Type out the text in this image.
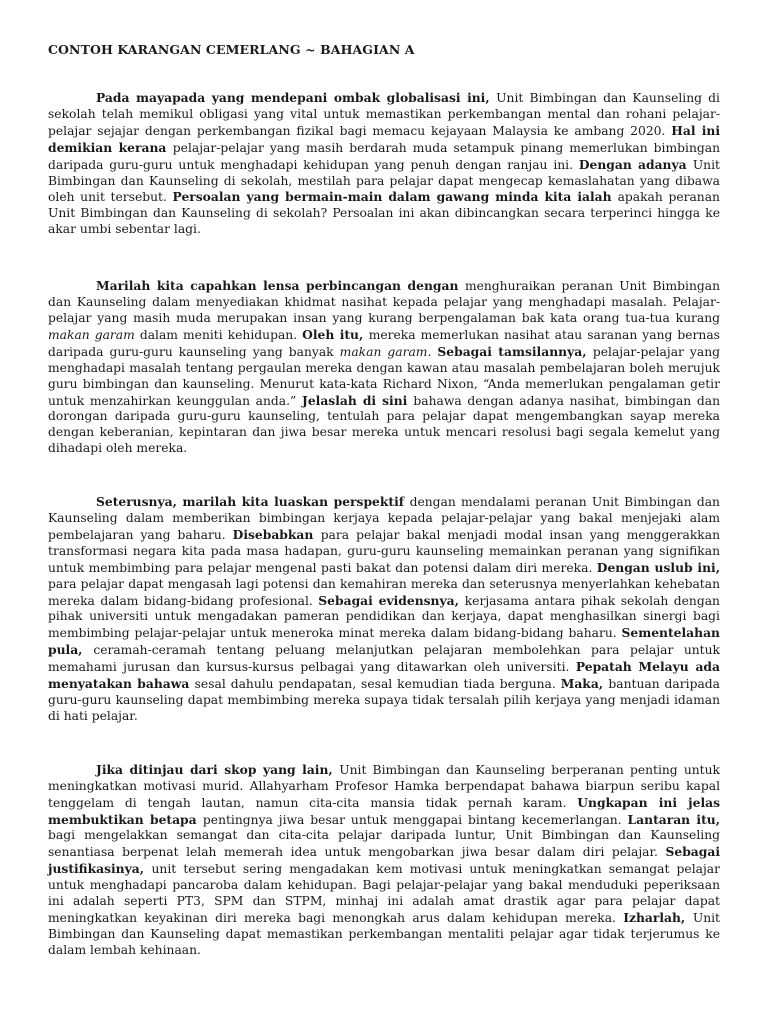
CONTOH KARANGAN CEMERLANG ~ BAHAGIAN A

Pada mayapada yang mendepani ombak globalisasi ini, Unit Bimbingan dan Kaunseling di sekolah telah memikul obligasi yang vital untuk memastikan perkembangan mental dan rohani pelajar-pelajar sejajar dengan perkembangan fizikal bagi memacu kejayaan Malaysia ke ambang 2020. Hal ini demikian kerana pelajar-pelajar yang masih berdarah muda setampuk pinang memerlukan bimbingan daripada guru-guru untuk menghadapi kehidupan yang penuh dengan ranjau ini. Dengan adanya Unit Bimbingan dan Kaunseling di sekolah, mestilah para pelajar dapat mengecap kemaslahatan yang dibawa oleh unit tersebut. Persoalan yang bermain-main dalam gawang minda kita ialah apakah peranan Unit Bimbingan dan Kaunseling di sekolah? Persoalan ini akan dibincangkan secara terperinci hingga ke akar umbi sebentar lagi.

Marilah kita capahkan lensa perbincangan dengan menghuraikan peranan Unit Bimbingan dan Kaunseling dalam menyediakan khidmat nasihat kepada pelajar yang menghadapi masalah. Pelajar-pelajar yang masih muda merupakan insan yang kurang berpengalaman bak kata orang tua-tua kurang makan garam dalam meniti kehidupan. Oleh itu, mereka memerlukan nasihat atau saranan yang bernas daripada guru-guru kaunseling yang banyak makan garam. Sebagai tamsilannya, pelajar-pelajar yang menghadapi masalah tentang pergaulan mereka dengan kawan atau masalah pembelajaran boleh merujuk guru bimbingan dan kaunseling. Menurut kata-kata Richard Nixon, “Anda memerlukan pengalaman getir untuk menzahirkan keunggulan anda.” Jelaslah di sini bahawa dengan adanya nasihat, bimbingan dan dorongan daripada guru-guru kaunseling, tentulah para pelajar dapat mengembangkan sayap mereka dengan keberanian, kepintaran dan jiwa besar mereka untuk mencari resolusi bagi segala kemelut yang dihadapi oleh mereka.

Seterusnya, marilah kita luaskan perspektif dengan mendalami peranan Unit Bimbingan dan Kaunseling dalam memberikan bimbingan kerjaya kepada pelajar-pelajar yang bakal menjejaki alam pembelajaran yang baharu. Disebabkan para pelajar bakal menjadi modal insan yang menggerakkan transformasi negara kita pada masa hadapan, guru-guru kaunseling memainkan peranan yang signifikan untuk membimbing para pelajar mengenal pasti bakat dan potensi dalam diri mereka. Dengan uslub ini, para pelajar dapat mengasah lagi potensi dan kemahiran mereka dan seterusnya menyerlahkan kehebatan mereka dalam bidang-bidang profesional. Sebagai evidensnya, kerjasama antara pihak sekolah dengan pihak universiti untuk mengadakan pameran pendidikan dan kerjaya, dapat menghasilkan sinergi bagi membimbing pelajar-pelajar untuk meneroka minat mereka dalam bidang-bidang baharu. Sementelahan pula, ceramah-ceramah tentang peluang melanjutkan pelajaran membolehkan para pelajar untuk memahami jurusan dan kursus-kursus pelbagai yang ditawarkan oleh universiti. Pepatah Melayu ada menyatakan bahawa sesal dahulu pendapatan, sesal kemudian tiada berguna. Maka, bantuan daripada guru-guru kaunseling dapat membimbing mereka supaya tidak tersalah pilih kerjaya yang menjadi idaman di hati pelajar.

Jika ditinjau dari skop yang lain, Unit Bimbingan dan Kaunseling berperanan penting untuk meningkatkan motivasi murid. Allahyarham Profesor Hamka berpendapat bahawa biarpun seribu kapal tenggelam di tengah lautan, namun cita-cita mansia tidak pernah karam. Ungkapan ini jelas membuktikan betapa pentingnya jiwa besar untuk menggapai bintang kecemerlangan. Lantaran itu, bagi mengelakkan semangat dan cita-cita pelajar daripada luntur, Unit Bimbingan dan Kaunseling senantiasa berpenat lelah memerah idea untuk mengobarkan jiwa besar dalam diri pelajar. Sebagai justifikasinya, unit tersebut sering mengadakan kem motivasi untuk meningkatkan semangat pelajar untuk menghadapi pancaroba dalam kehidupan. Bagi pelajar-pelajar yang bakal menduduki peperiksaan ini adalah seperti PT3, SPM dan STPM, minhaj ini adalah amat drastik agar para pelajar dapat meningkatkan keyakinan diri mereka bagi menongkah arus dalam kehidupan mereka. Izharlah, Unit Bimbingan dan Kaunseling dapat memastikan perkembangan mentaliti pelajar agar tidak terjerumus ke dalam lembah kehinaan.
